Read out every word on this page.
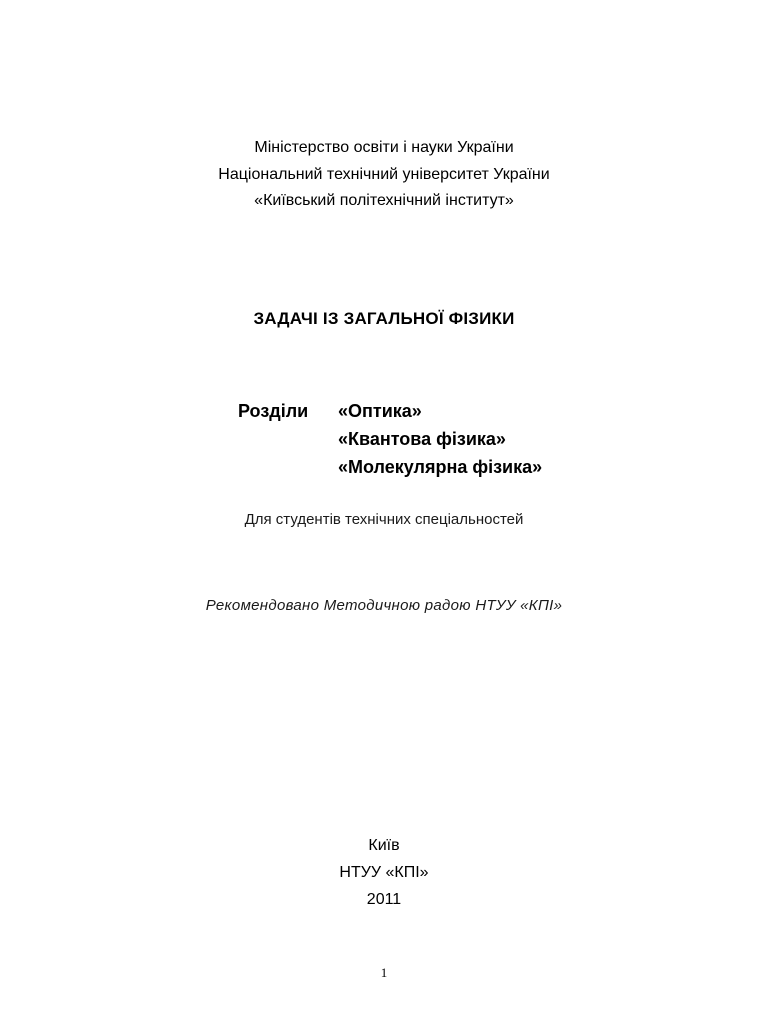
Міністерство освіти і науки України
Національний технічний університет України
«Київський політехнічний інститут»
ЗАДАЧІ ІЗ ЗАГАЛЬНОЇ ФІЗИКИ
Розділи «Оптика»
«Квантова фізика»
«Молекулярна фізика»
Для студентів технічних спеціальностей
Рекомендовано Методичною радою НТУУ «КПІ»
Київ
НТУУ «КПІ»
2011
1
